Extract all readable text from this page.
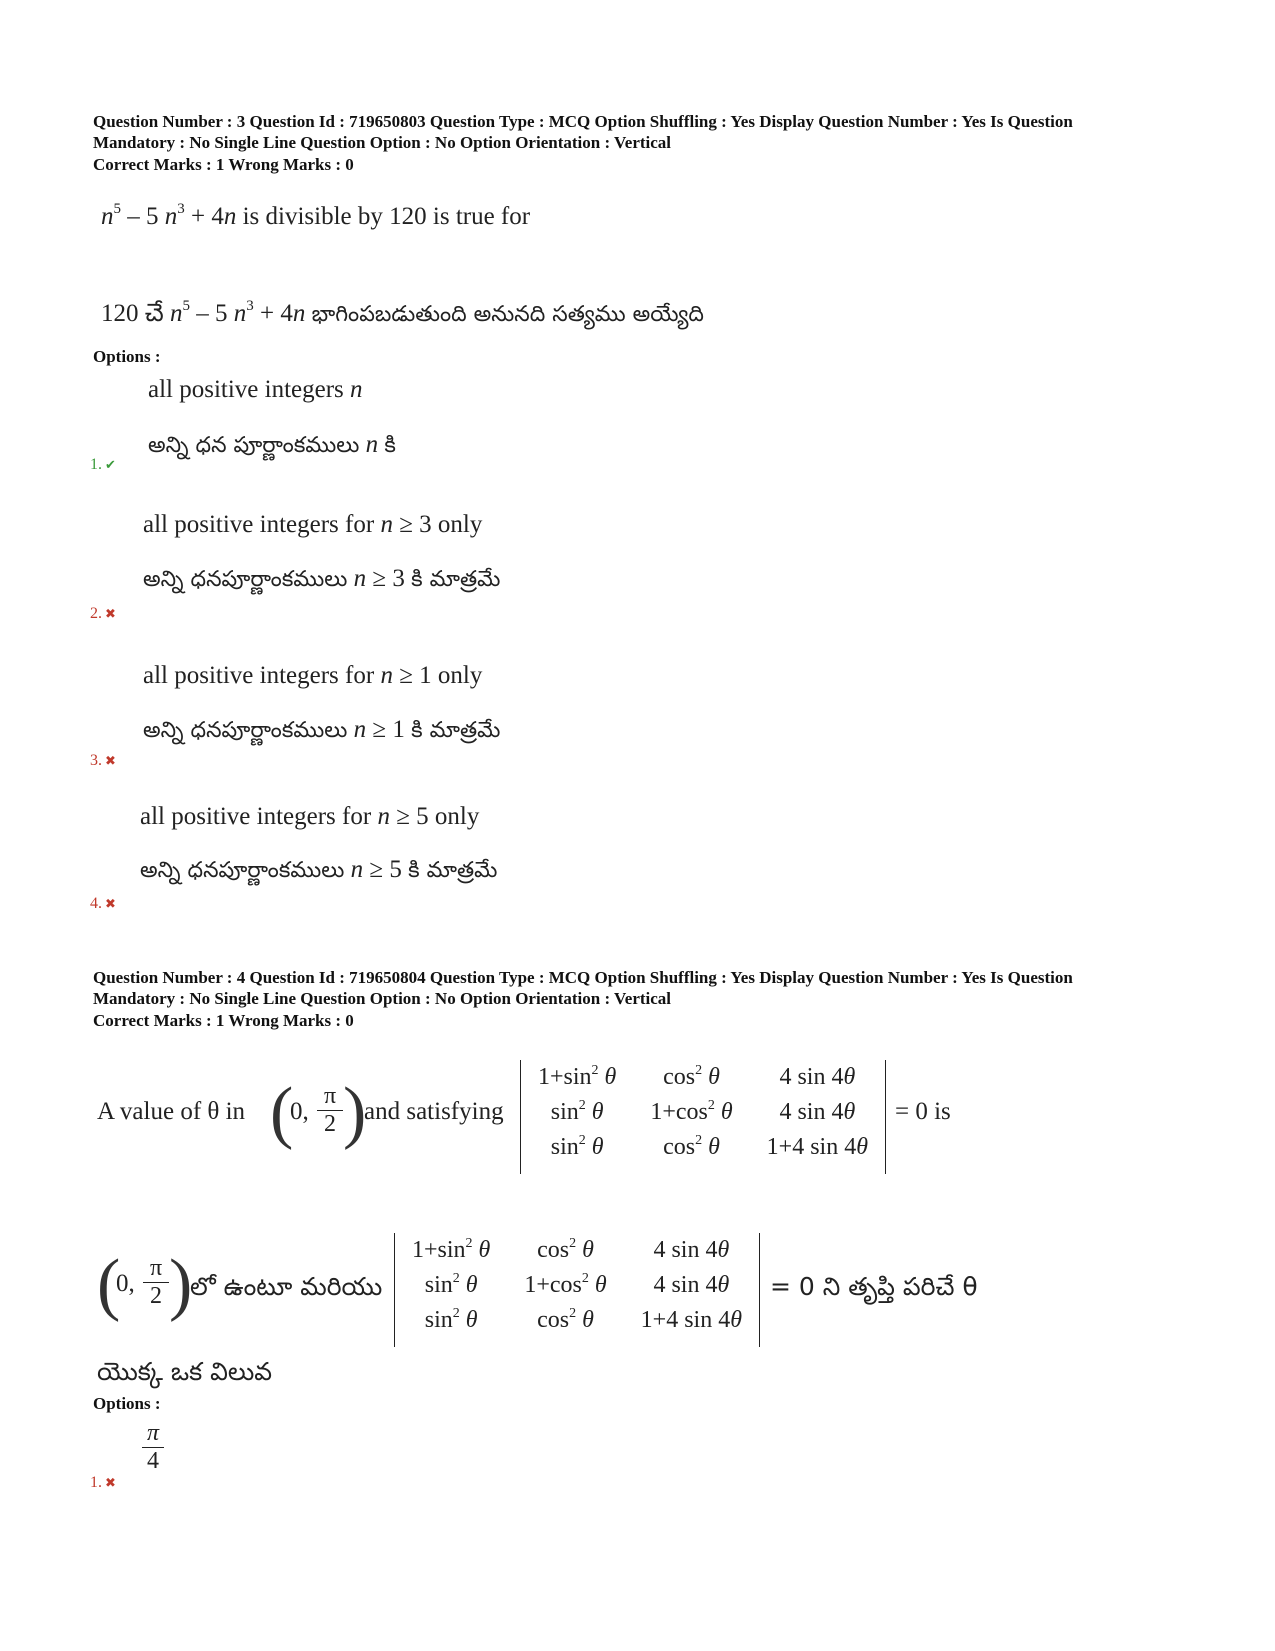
Question Number : 3 Question Id : 719650803 Question Type : MCQ Option Shuffling : Yes Display Question Number : Yes Is Question
Mandatory : No Single Line Question Option : No Option Orientation : Vertical
Correct Marks : 1 Wrong Marks : 0
$n^5 - 5$ $n^3 + 4n$ is divisible by 120 is true for
120 చే $n^5 - 5$ $n^3 + 4n$ భాగింపబడుతుంది అనునది సత్యము అయ్యేది
Options :
all positive integers n
అన్ని ధన పూర్ణాంకములు n కి
1. ✔
all positive integers for n ≥ 3 only
అన్ని ధనపూర్ణాంకములు n ≥ 3 కి మాత్రమే
2. ✖
all positive integers for n ≥ 1 only
అన్ని ధనపూర్ణాంకములు n ≥ 1 కి మాత్రమే
3. ✖
all positive integers for n ≥ 5 only
అన్ని ధనపూర్ణాంకములు n ≥ 5 కి మాత్రమే
4. ✖
Question Number : 4 Question Id : 719650804 Question Type : MCQ Option Shuffling : Yes Display Question Number : Yes Is Question
Mandatory : No Single Line Question Option : No Option Orientation : Vertical
Correct Marks : 1 Wrong Marks : 0
A value of θ in (
0,
π
2 )
and satisfying
$1+\sin^2$ θ	$\cos^2 \theta$	4 sin 4θ
$\sin^2 \theta$	$1+\cos^2$ θ	4 sin 4θ
$\sin^2 \theta$	$\cos^2 \theta$	1+4 sin 4θ
= 0 is
(
0,
π
2 )
లో ఉంటూ మరియు
$1+\sin^2$ θ	$\cos^2 \theta$	4 sin 4θ
$\sin^2 \theta$	$1+\cos^2$ θ	4 sin 4θ
$\sin^2 \theta$	$\cos^2 \theta$	1+4 sin 4θ
= 0 ని తృప్తి పరిచే θ
యొక్క ఒక విలువ
Options :
π
4
1. ✖
